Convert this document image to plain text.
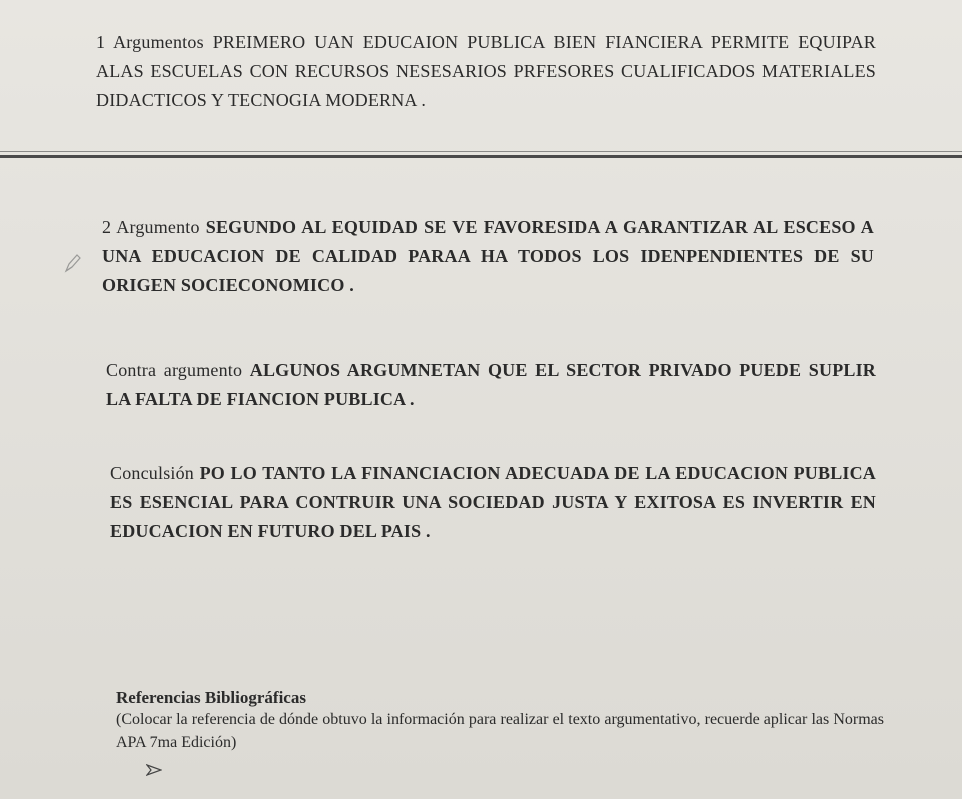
1 Argumentos PREIMERO UAN EDUCAION PUBLICA BIEN FIANCIERA PERMITE EQUIPAR ALAS ESCUELAS CON RECURSOS NESESARIOS PRFESORES CUALIFICADOS MATERIALES DIDACTICOS Y TECNOGIA MODERNA .
2 Argumento SEGUNDO AL EQUIDAD SE VE FAVORESIDA A GARANTIZAR AL ESCESO A UNA EDUCACION DE CALIDAD PARAA HA TODOS LOS IDENPENDIENTES DE SU ORIGEN SOCIECONOMICO .
Contra argumento ALGUNOS ARGUMNETAN QUE EL SECTOR PRIVADO PUEDE SUPLIR LA FALTA DE FIANCION PUBLICA .
Conculsión PO LO TANTO LA FINANCIACION ADECUADA DE LA EDUCACION PUBLICA ES ESENCIAL PARA CONTRUIR UNA SOCIEDAD JUSTA Y EXITOSA ES INVERTIR EN EDUCACION EN FUTURO DEL PAIS .
Referencias Bibliográficas
(Colocar la referencia de dónde obtuvo la información para realizar el texto argumentativo, recuerde aplicar las Normas APA 7ma Edición)
